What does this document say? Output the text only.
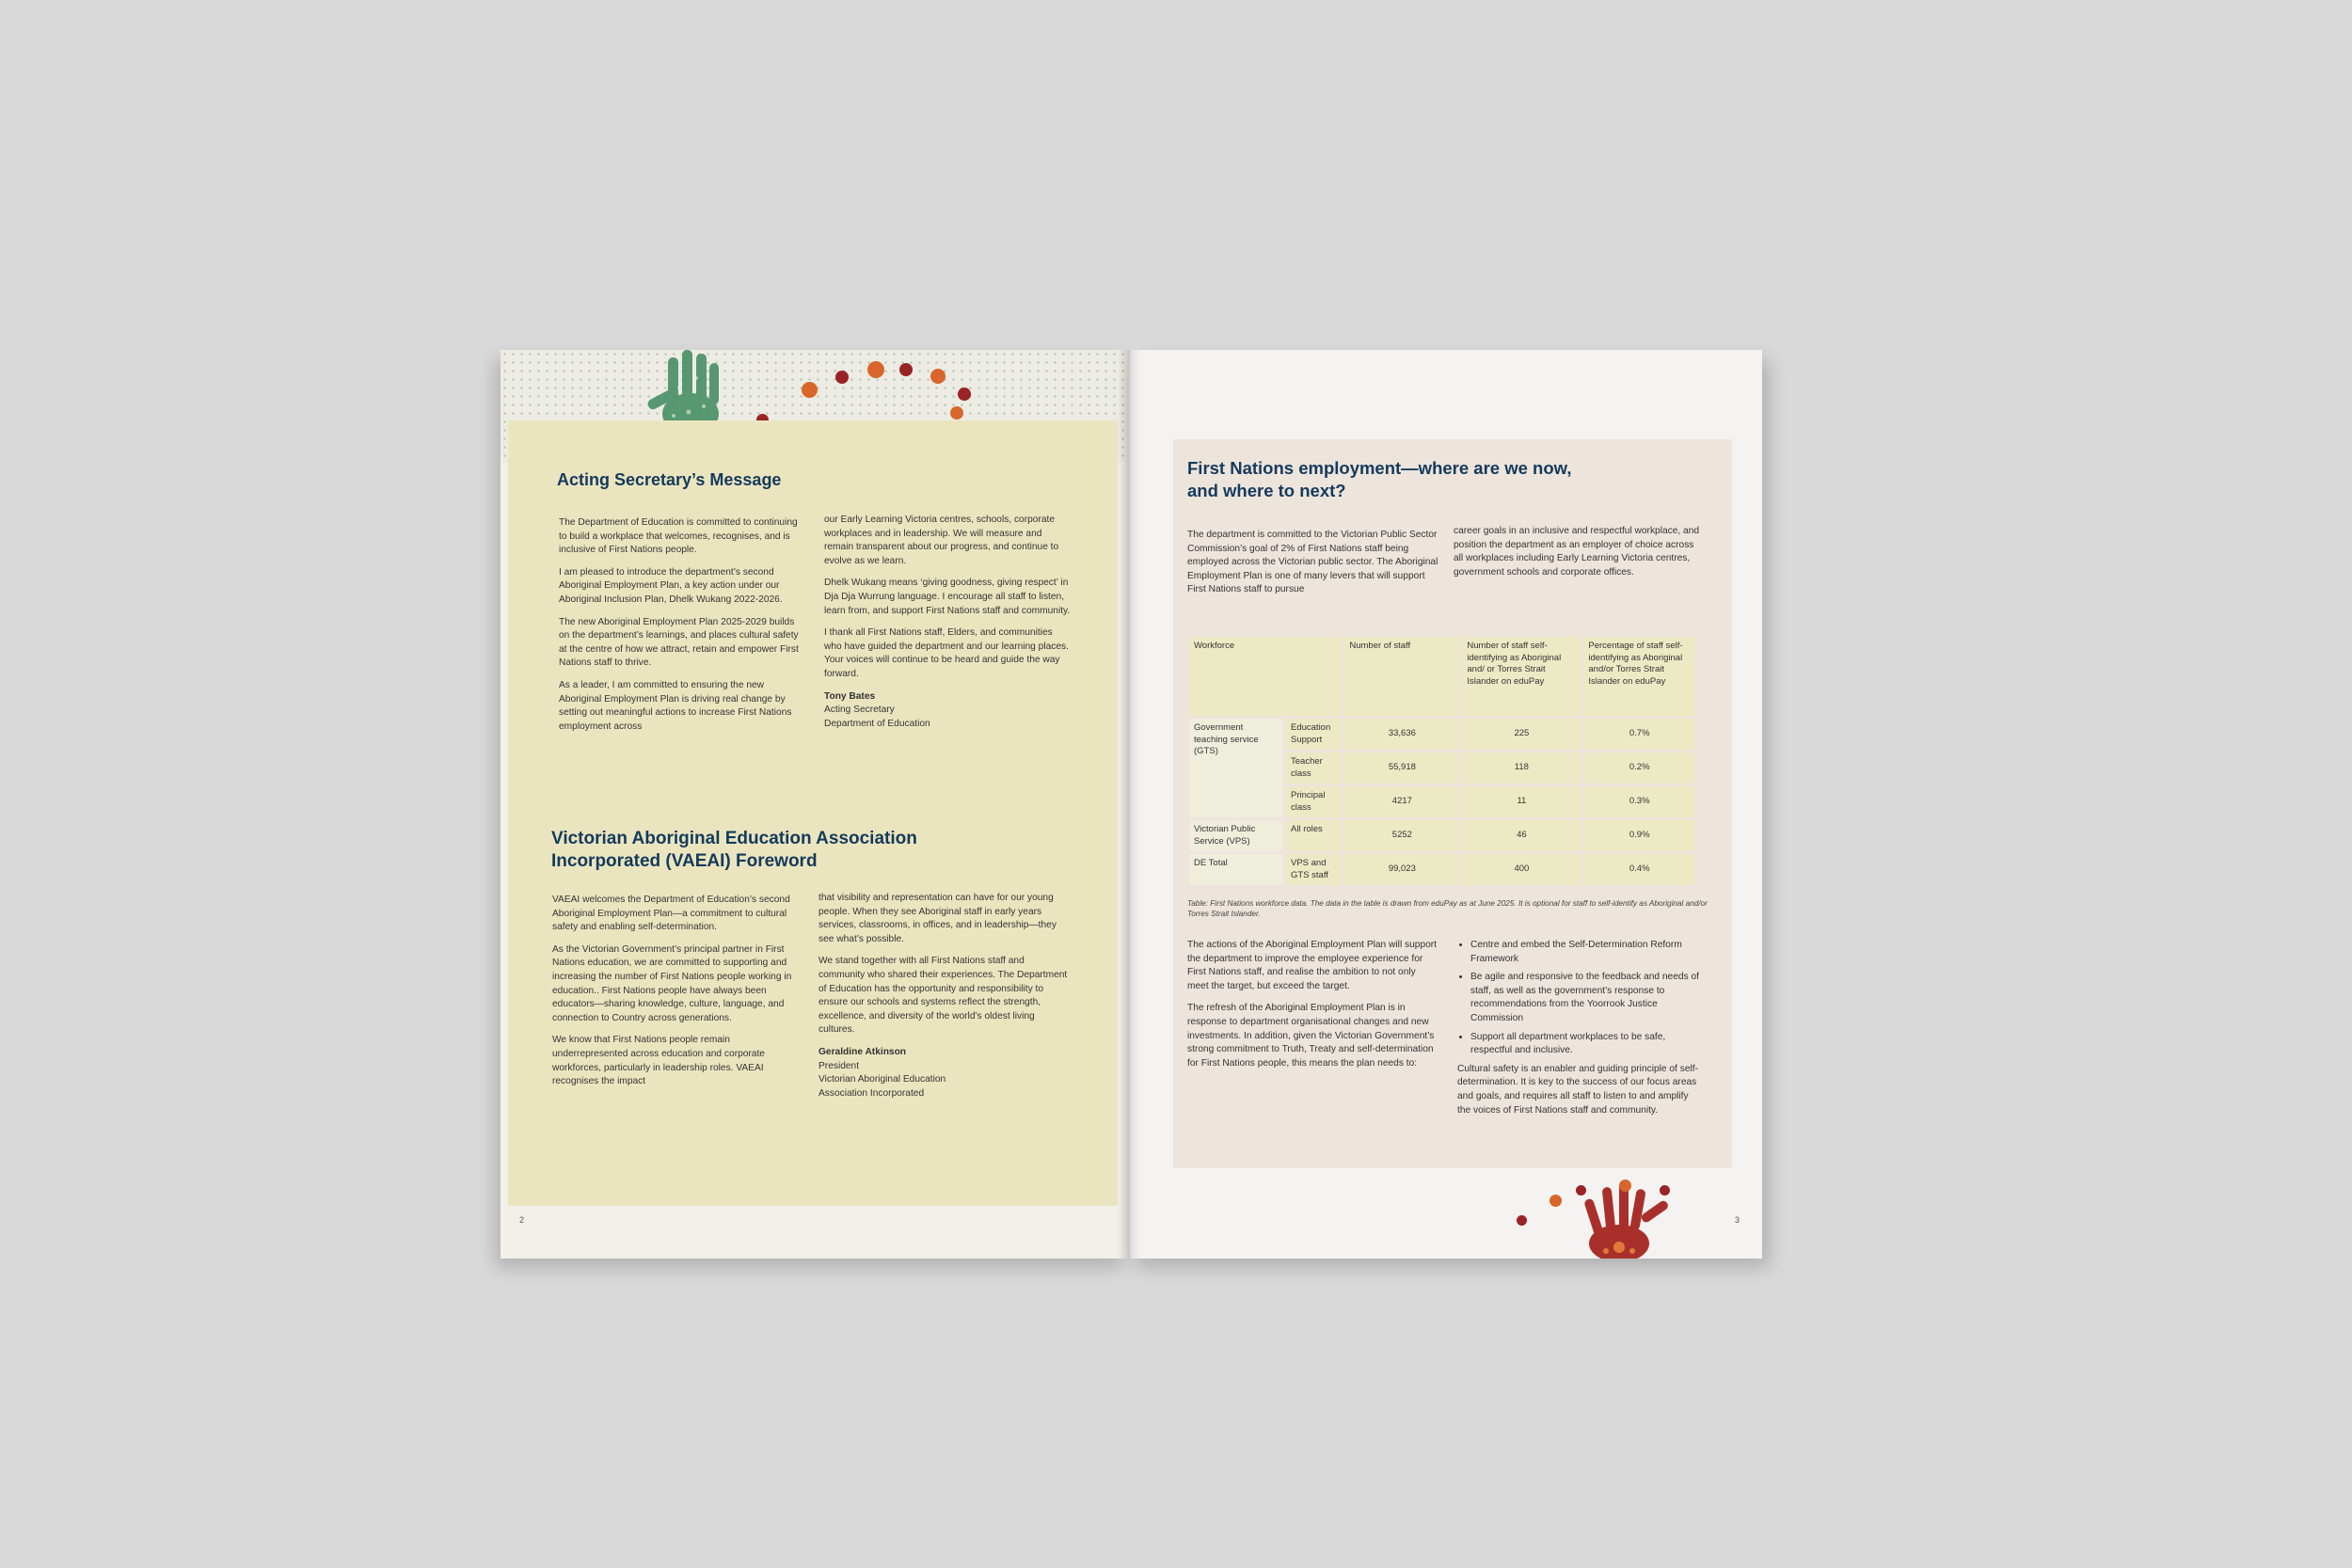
Acting Secretary’s Message

The Department of Education is committed to continuing to build a workplace that welcomes, recognises, and is inclusive of First Nations people.

I am pleased to introduce the department’s second Aboriginal Employment Plan, a key action under our Aboriginal Inclusion Plan, Dhelk Wukang 2022-2026.

The new Aboriginal Employment Plan 2025-2029 builds on the department’s learnings, and places cultural safety at the centre of how we attract, retain and empower First Nations staff to thrive.

As a leader, I am committed to ensuring the new Aboriginal Employment Plan is driving real change by setting out meaningful actions to increase First Nations employment across

our Early Learning Victoria centres, schools, corporate workplaces and in leadership. We will measure and remain transparent about our progress, and continue to evolve as we learn.

Dhelk Wukang means ‘giving goodness, giving respect’ in Dja Dja Wurrung language. I encourage all staff to listen, learn from, and support First Nations staff and community.

I thank all First Nations staff, Elders, and communities who have guided the department and our learning places. Your voices will continue to be heard and guide the way forward.

Tony Bates
Acting Secretary
Department of Education
Victorian Aboriginal Education Association Incorporated (VAEAI) Foreword

VAEAI welcomes the Department of Education’s second Aboriginal Employment Plan—a commitment to cultural safety and enabling self-determination.

As the Victorian Government’s principal partner in First Nations education, we are committed to supporting and increasing the number of First Nations people working in education.. First Nations people have always been educators—sharing knowledge, culture, language, and connection to Country across generations.

We know that First Nations people remain underrepresented across education and corporate workforces, particularly in leadership roles. VAEAI recognises the impact

that visibility and representation can have for our young people. When they see Aboriginal staff in early years services, classrooms, in offices, and in leadership—they see what’s possible.

We stand together with all First Nations staff and community who shared their experiences. The Department of Education has the opportunity and responsibility to ensure our schools and systems reflect the strength, excellence, and diversity of the world’s oldest living cultures.

Geraldine Atkinson
President
Victorian Aboriginal Education
Association Incorporated
2
First Nations employment—where are we now,
and where to next?

The department is committed to the Victorian Public Sector Commission’s goal of 2% of First Nations staff being employed across the Victorian public sector. The Aboriginal Employment Plan is one of many levers that will support First Nations staff to pursue

career goals in an inclusive and respectful workplace, and position the department as an employer of choice across all workplaces including Early Learning Victoria centres, government schools and corporate offices.

Workforce		Number of staff	Number of staff self-identifying as Aboriginal and/ or Torres Strait Islander on eduPay	Percentage of staff self-identifying as Aboriginal and/or Torres Strait Islander on eduPay
Government teaching service (GTS)	Education Support	33,636	225	0.7%
	Teacher class	55,918	118	0.2%
	Principal class	4217	11	0.3%
Victorian Public Service (VPS)	All roles	5252	46	0.9%
DE Total	VPS and GTS staff	99,023	400	0.4%
Table: First Nations workforce data. The data in the table is drawn from eduPay as at June 2025. It is optional for staff to self-identify as Aboriginal and/or Torres Strait Islander.

The actions of the Aboriginal Employment Plan will support the department to improve the employee experience for First Nations staff, and realise the ambition to not only meet the target, but exceed the target.

The refresh of the Aboriginal Employment Plan is in response to department organisational changes and new investments. In addition, given the Victorian Government’s strong commitment to Truth, Treaty and self-determination for First Nations people, this means the plan needs to:

• Centre and embed the Self-Determination Reform Framework
• Be agile and responsive to the feedback and needs of staff, as well as the government’s response to recommendations from the Yoorrook Justice Commission
• Support all department workplaces to be safe, respectful and inclusive.

Cultural safety is an enabler and guiding principle of self-determination. It is key to the success of our focus areas and goals, and requires all staff to listen to and amplify the voices of First Nations staff and community.

3
